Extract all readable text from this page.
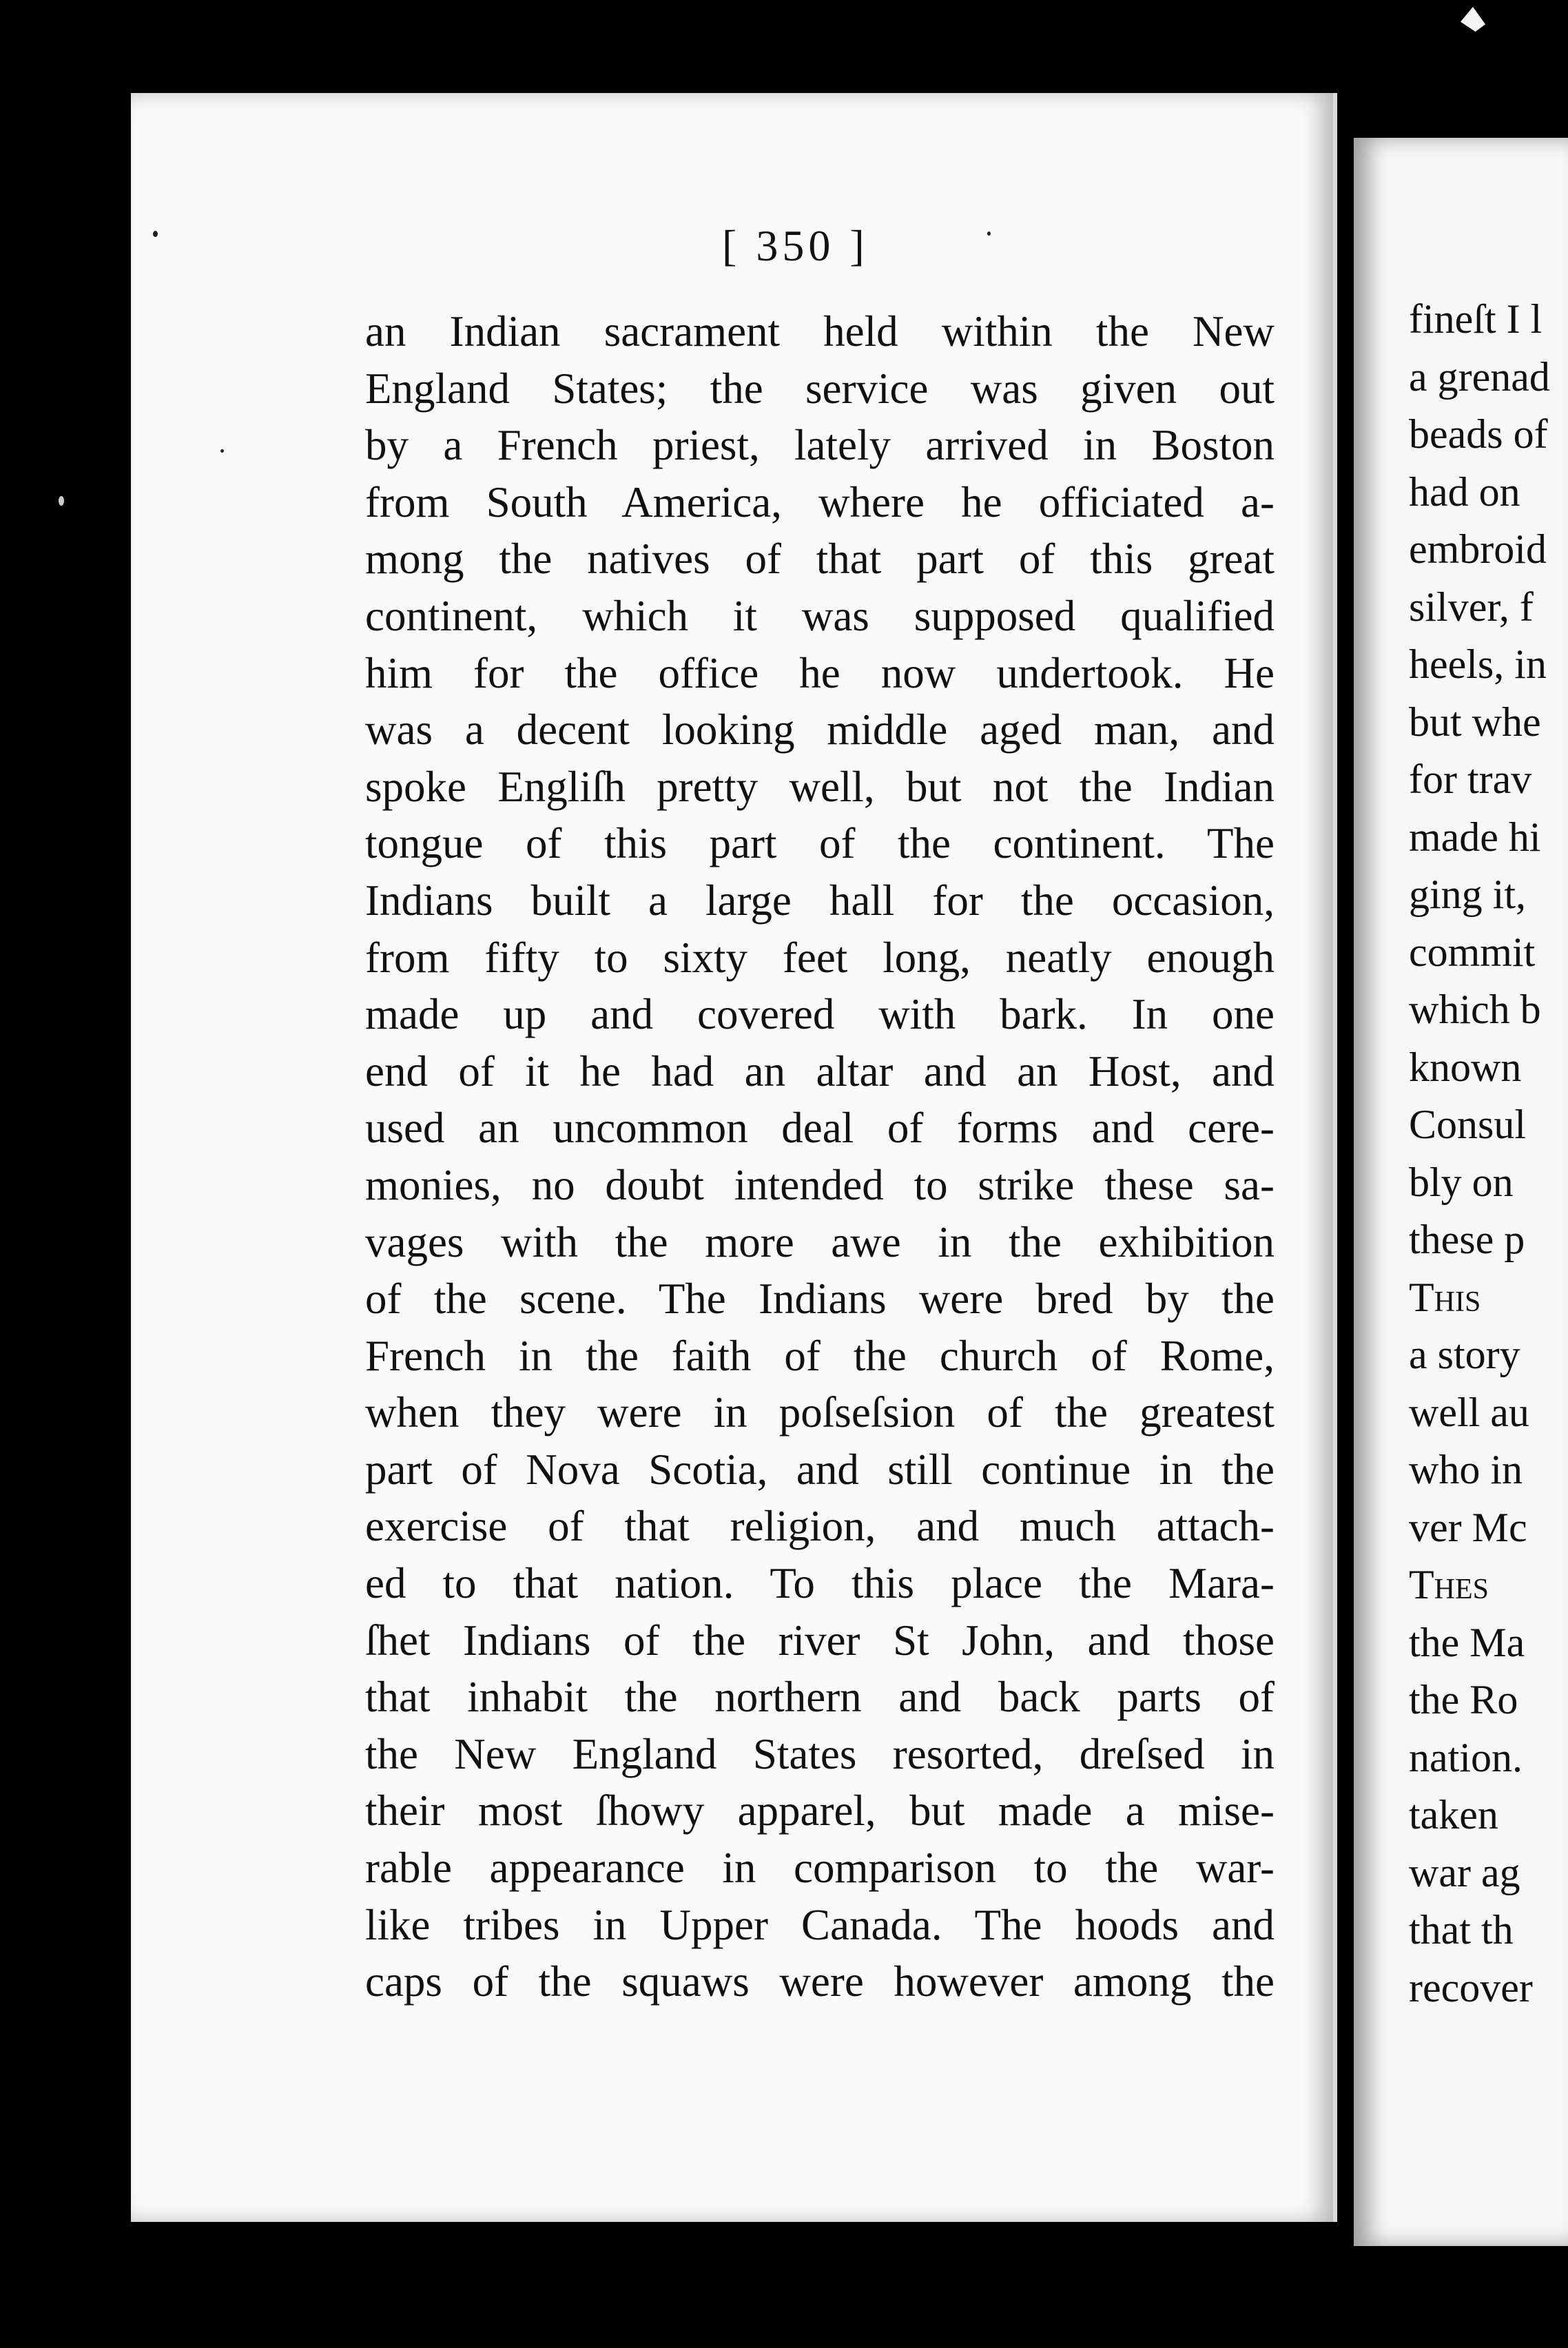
[ 350 ]
an Indian sacrament held within the New
England States; the service was given out
by a French priest, lately arrived in Boston
from South America, where he officiated a-
mong the natives of that part of this great
continent, which it was supposed qualified
him for the office he now undertook. He
was a decent looking middle aged man, and
spoke Engliſh pretty well, but not the Indian
tongue of this part of the continent. The
Indians built a large hall for the occasion,
from fifty to sixty feet long, neatly enough
made up and covered with bark. In one
end of it he had an altar and an Host, and
used an uncommon deal of forms and cere-
monies, no doubt intended to strike these sa-
vages with the more awe in the exhibition
of the scene. The Indians were bred by the
French in the faith of the church of Rome,
when they were in poſseſsion of the greatest
part of Nova Scotia, and still continue in the
exercise of that religion, and much attach-
ed to that nation. To this place the Mara-
ſhet Indians of the river St John, and those
that inhabit the northern and back parts of
the New England States resorted, dreſsed in
their most ſhowy apparel, but made a mise-
rable appearance in comparison to the war-
like tribes in Upper Canada. The hoods and
caps of the squaws were however among the
fineſt I l
a grenad
beads of
had on
embroid
silver, f
heels, in
but whe
for trav
made hi
ging it,
commit
which b
known
Consul
bly on
these p
This
a story
well au
who in
ver Mc
Thes
the Ma
the Ro
nation.
taken
war ag
that th
recover
